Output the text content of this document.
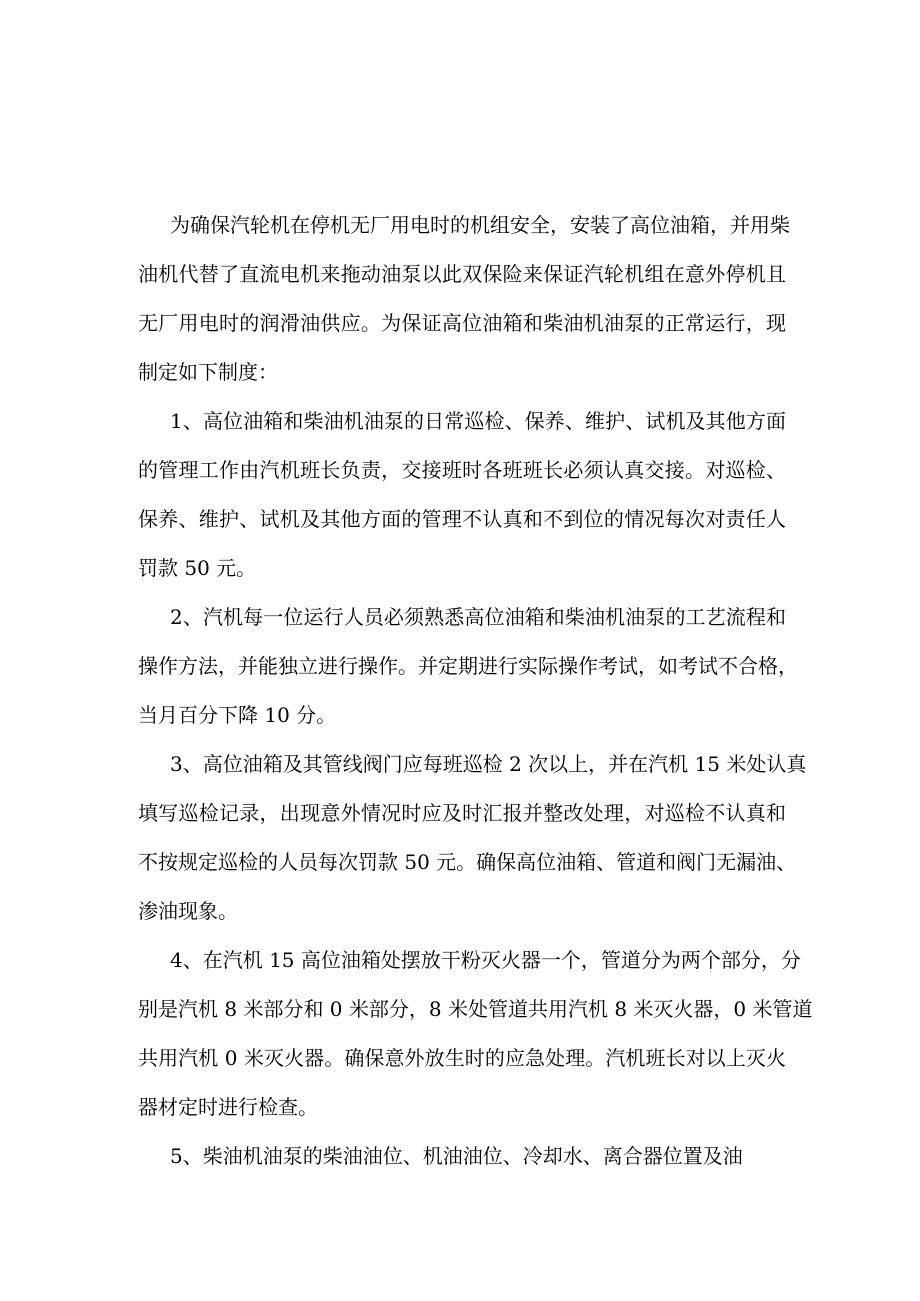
为确保汽轮机在停机无厂用电时的机组安全，安装了高位油箱，并用柴
油机代替了直流电机来拖动油泵以此双保险来保证汽轮机组在意外停机且
无厂用电时的润滑油供应。为保证高位油箱和柴油机油泵的正常运行，现
制定如下制度：
1、高位油箱和柴油机油泵的日常巡检、保养、维护、试机及其他方面
的管理工作由汽机班长负责，交接班时各班班长必须认真交接。对巡检、
保养、维护、试机及其他方面的管理不认真和不到位的情况每次对责任人
罚款 50 元。
2、汽机每一位运行人员必须熟悉高位油箱和柴油机油泵的工艺流程和
操作方法，并能独立进行操作。并定期进行实际操作考试，如考试不合格，
当月百分下降 10 分。
3、高位油箱及其管线阀门应每班巡检 2 次以上，并在汽机 15 米处认真
填写巡检记录，出现意外情况时应及时汇报并整改处理，对巡检不认真和
不按规定巡检的人员每次罚款 50 元。确保高位油箱、管道和阀门无漏油、
渗油现象。
4、在汽机 15 高位油箱处摆放干粉灭火器一个，管道分为两个部分，分
别是汽机 8 米部分和 0 米部分，8 米处管道共用汽机 8 米灭火器，0 米管道
共用汽机 0 米灭火器。确保意外放生时的应急处理。汽机班长对以上灭火
器材定时进行检查。
5、柴油机油泵的柴油油位、机油油位、冷却水、离合器位置及油
